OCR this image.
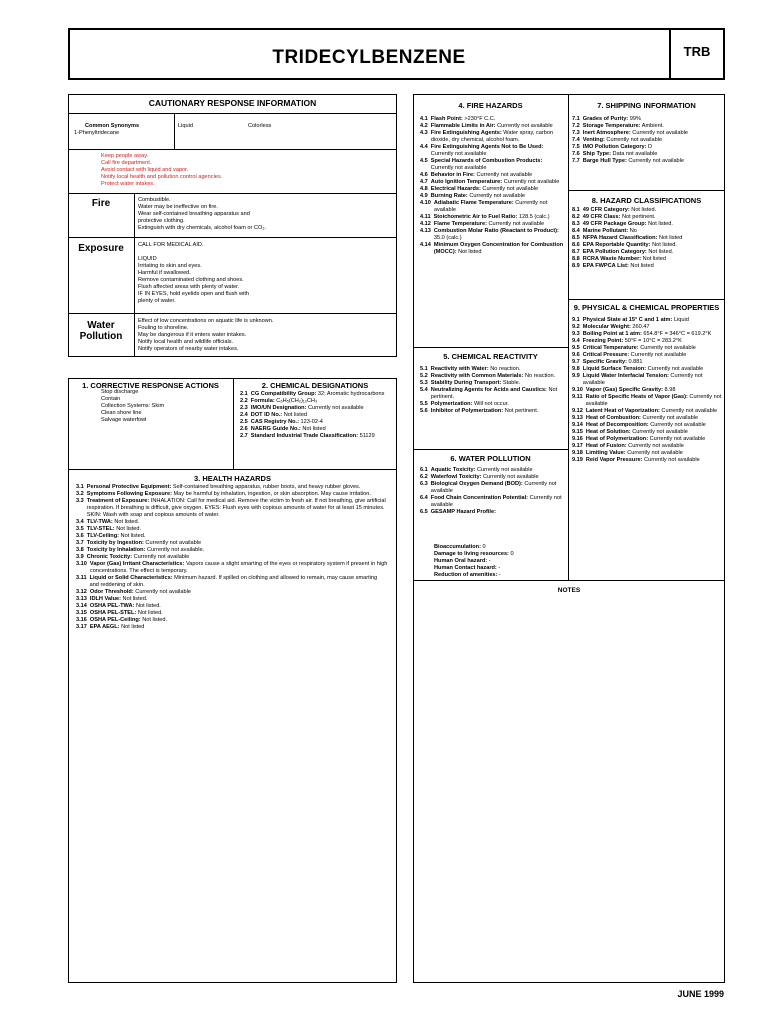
TRIDECYLBENZENE	TRB
CAUTIONARY RESPONSE INFORMATION
Common Synonyms
1-Phenyltridecane
Liquid	Colorless
Keep people away.
Call fire department.
Avoid contact with liquid and vapor.
Notify local health and pollution control agencies.
Protect water intakes.
Fire	Combustible.
Water may be ineffective on fire.
Wear self-contained breathing apparatus and
protective clothing.
Extinguish with dry chemicals, alcohol foam or CO₂.
Exposure	CALL FOR MEDICAL AID.
LIQUID
Irritating to skin and eyes.
Harmful if swallowed.
Remove contaminated clothing and shoes.
Flush affected areas with plenty of water.
IF IN EYES, hold eyelids open and flush with
plenty of water.
Water
Pollution
Effect of low concentrations on aquatic life is unknown.
Fouling to shoreline.
May be dangerous if it enters water intakes.
Notify local health and wildlife officials.
Notify operators of nearby water intakes.
1. CORRECTIVE RESPONSE ACTIONS
Stop discharge
Contain
Collection Systems: Skim
Clean shore line
Salvage waterfowl
2. CHEMICAL DESIGNATIONS
2.1 CG Compatibility Group: 32; Aromatic hydrocarbons
2.2 Formula: C₆H₅(CH₂)₁₂CH₃
2.3 IMO/UN Designation: Currently not available
2.4 DOT ID No.: Not listed
2.5 CAS Registry No.: 123-02-4
2.6 NAERG Guide No.: Not listed
2.7 Standard Industrial Trade Classification: 51129
3. HEALTH HAZARDS
3.1 Personal Protective Equipment: Self-contained breathing apparatus, rubber boots, and heavy rubber gloves.
3.2 Symptoms Following Exposure: May be harmful by inhalation, ingestion, or skin absorption. May cause irritation.
3.3 Treatment of Exposure: INHALATION: Call for medical aid. Remove the victim to fresh air. If not breathing, give artificial respiration. If breathing is difficult, give oxygen. EYES: Flush eyes with copious amounts of water for at least 15 minutes. SKIN: Wash with soap and copious amounts of water.
3.4 TLV-TWA: Not listed.
3.5 TLV-STEL: Not listed.
3.6 TLV-Ceiling: Not listed.
3.7 Toxicity by Ingestion: Currently not available
3.8 Toxicity by Inhalation: Currently not available.
3.9 Chronic Toxicity: Currently not available
3.10 Vapor (Gas) Irritant Characteristics: Vapors cause a slight smarting of the eyes or respiratory system if present in high concentrations. The effect is temporary.
3.11 Liquid or Solid Characteristics: Minimum hazard. If spilled on clothing and allowed to remain, may cause smarting and reddening of skin.
3.12 Odor Threshold: Currently not available
3.13 IDLH Value: Not listed.
3.14 OSHA PEL-TWA: Not listed.
3.15 OSHA PEL-STEL: Not listed.
3.16 OSHA PEL-Ceiling: Not listed.
3.17 EPA AEGL: Not listed
4. FIRE HAZARDS
4.1 Flash Point: >230°F C.C.
4.2 Flammable Limits in Air: Currently not available
4.3 Fire Extinguishing Agents: Water spray, carbon dioxide, dry chemical, alcohol foam.
4.4 Fire Extinguishing Agents Not to Be Used: Currently not available
4.5 Special Hazards of Combustion Products: Currently not available
4.6 Behavior in Fire: Currently not available
4.7 Auto Ignition Temperature: Currently not available
4.8 Electrical Hazards: Currently not available
4.9 Burning Rate: Currently not available
4.10 Adiabatic Flame Temperature: Currently not available
4.11 Stoichometric Air to Fuel Ratio: 128.5 (calc.)
4.12 Flame Temperature: Currently not available
4.13 Combustion Molar Ratio (Reactant to Product): 35.0 (calc.)
4.14 Minimum Oxygen Concentration for Combustion (MOCC): Not listed
5. CHEMICAL REACTIVITY
5.1 Reactivity with Water: No reaction.
5.2 Reactivity with Common Materials: No reaction.
5.3 Stability During Transport: Stable.
5.4 Neutralizing Agents for Acids and Caustics: Not pertinent.
5.5 Polymerization: Will not occur.
5.6 Inhibitor of Polymerization: Not pertinent.
6. WATER POLLUTION
6.1 Aquatic Toxicity: Currently not available
6.2 Waterfowl Toxicity: Currently not available
6.3 Biological Oxygen Demand (BOD): Currently not available
6.4 Food Chain Concentration Potential: Currently not available
6.5 GESAMP Hazard Profile:
Bioaccumulation: 0
Damage to living resources: 0
Human Oral hazard: -
Human Contact hazard: -
Reduction of amenities: -
7. SHIPPING INFORMATION
7.1 Grades of Purity: 99%
7.2 Storage Temperature: Ambient.
7.3 Inert Atmosphere: Currently not available
7.4 Venting: Currently not available
7.5 IMO Pollution Category: D
7.6 Ship Type: Data not available
7.7 Barge Hull Type: Currently not available
8. HAZARD CLASSIFICATIONS
8.1 49 CFR Category: Not listed.
8.2 49 CFR Class: Not pertinent.
8.3 49 CFR Package Group: Not listed.
8.4 Marine Pollutant: No
8.5 NFPA Hazard Classification: Not listed
8.6 EPA Reportable Quantity: Not listed.
8.7 EPA Pollution Category: Not listed.
8.8 RCRA Waste Number: Not listed
8.9 EPA FWPCA List: Not listed
9. PHYSICAL & CHEMICAL PROPERTIES
9.1 Physical State at 15° C and 1 atm: Liquid
9.2 Molecular Weight: 260.47
9.3 Boiling Point at 1 atm: 654.8°F = 346°C = 619.2°K
9.4 Freezing Point: 50°F = 10°C = 283.2°K
9.5 Critical Temperature: Currently not available
9.6 Critical Pressure: Currently not available
9.7 Specific Gravity: 0.881
9.8 Liquid Surface Tension: Currently not available
9.9 Liquid Water Interfacial Tension: Currently not available
9.10 Vapor (Gas) Specific Gravity: 8.98
9.11 Ratio of Specific Heats of Vapor (Gas): Currently not available
9.12 Latent Heat of Vaporization: Currently not available
9.13 Heat of Combustion: Currently not available
9.14 Heat of Decomposition: Currently not available
9.15 Heat of Solution: Currently not available
9.16 Heat of Polymerization: Currently not available
9.17 Heat of Fusion: Currently not available
9.18 Limiting Value: Currently not available
9.19 Reid Vapor Pressure: Currently not available
NOTES
JUNE 1999
